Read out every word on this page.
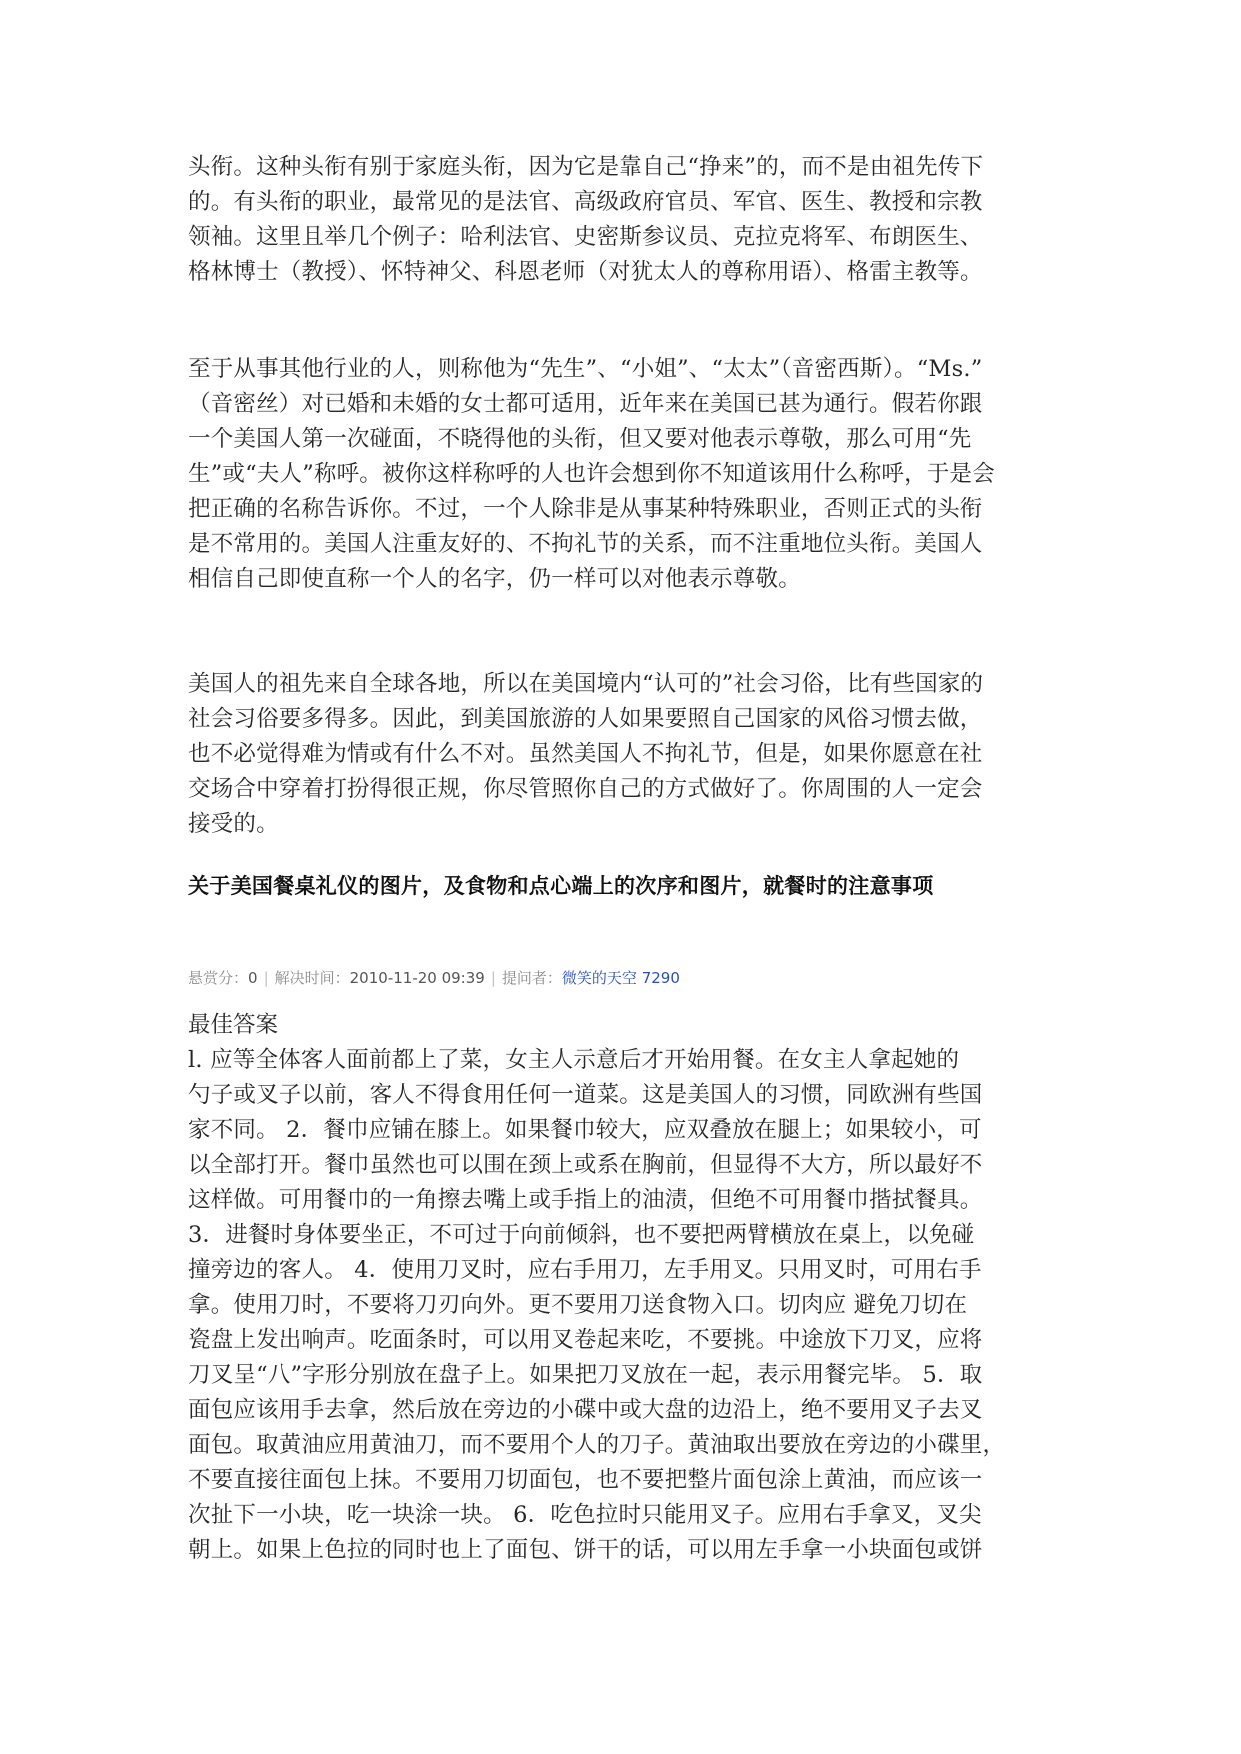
头衔。这种头衔有别于家庭头衔，因为它是靠自己“挣来”的，而不是由祖先传下
的。有头衔的职业，最常见的是法官、高级政府官员、军官、医生、教授和宗教
领袖。这里且举几个例子：哈利法官、史密斯参议员、克拉克将军、布朗医生、
格林博士（教授）、怀特神父、科恩老师（对犹太人的尊称用语）、格雷主教等。

至于从事其他行业的人，则称他为“先生”、“小姐”、“太太”（音密西斯）。“Ms.”
（音密丝）对已婚和未婚的女士都可适用，近年来在美国已甚为通行。假若你跟
一个美国人第一次碰面，不晓得他的头衔，但又要对他表示尊敬，那么可用“先
生”或“夫人”称呼。被你这样称呼的人也许会想到你不知道该用什么称呼，于是会
把正确的名称告诉你。不过，一个人除非是从事某种特殊职业，否则正式的头衔
是不常用的。美国人注重友好的、不拘礼节的关系，而不注重地位头衔。美国人
相信自己即使直称一个人的名字，仍一样可以对他表示尊敬。

美国人的祖先来自全球各地，所以在美国境内“认可的”社会习俗，比有些国家的
社会习俗要多得多。因此，到美国旅游的人如果要照自己国家的风俗习惯去做，
也不必觉得难为情或有什么不对。虽然美国人不拘礼节，但是，如果你愿意在社
交场合中穿着打扮得很正规，你尽管照你自己的方式做好了。你周围的人一定会
接受的。

关于美国餐桌礼仪的图片，及食物和点心端上的次序和图片，就餐时的注意事项

悬赏分：0 | 解决时间：2010-11-20 09:39 | 提问者：微笑的天空 7290

最佳答案

l. 应等全体客人面前都上了菜，女主人示意后才开始用餐。在女主人拿起她的
勺子或叉子以前，客人不得食用任何一道菜。这是美国人的习惯，同欧洲有些国
家不同。 2．餐巾应铺在膝上。如果餐巾较大，应双叠放在腿上；如果较小，可
以全部打开。餐巾虽然也可以围在颈上或系在胸前，但显得不大方，所以最好不
这样做。可用餐巾的一角擦去嘴上或手指上的油渍，但绝不可用餐巾揩拭餐具。
3．进餐时身体要坐正，不可过于向前倾斜，也不要把两臂横放在桌上，以免碰
撞旁边的客人。 4．使用刀叉时，应右手用刀，左手用叉。只用叉时，可用右手
拿。使用刀时，不要将刀刃向外。更不要用刀送食物入口。切肉应 避免刀切在
瓷盘上发出响声。吃面条时，可以用叉卷起来吃，不要挑。中途放下刀叉，应将
刀叉呈“八”字形分别放在盘子上。如果把刀叉放在一起，表示用餐完毕。 5．取
面包应该用手去拿，然后放在旁边的小碟中或大盘的边沿上，绝不要用叉子去叉
面包。取黄油应用黄油刀，而不要用个人的刀子。黄油取出要放在旁边的小碟里，
不要直接往面包上抹。不要用刀切面包，也不要把整片面包涂上黄油，而应该一
次扯下一小块，吃一块涂一块。 6．吃色拉时只能用叉子。应用右手拿叉，叉尖
朝上。如果上色拉的同时也上了面包、饼干的话，可以用左手拿一小块面包或饼
